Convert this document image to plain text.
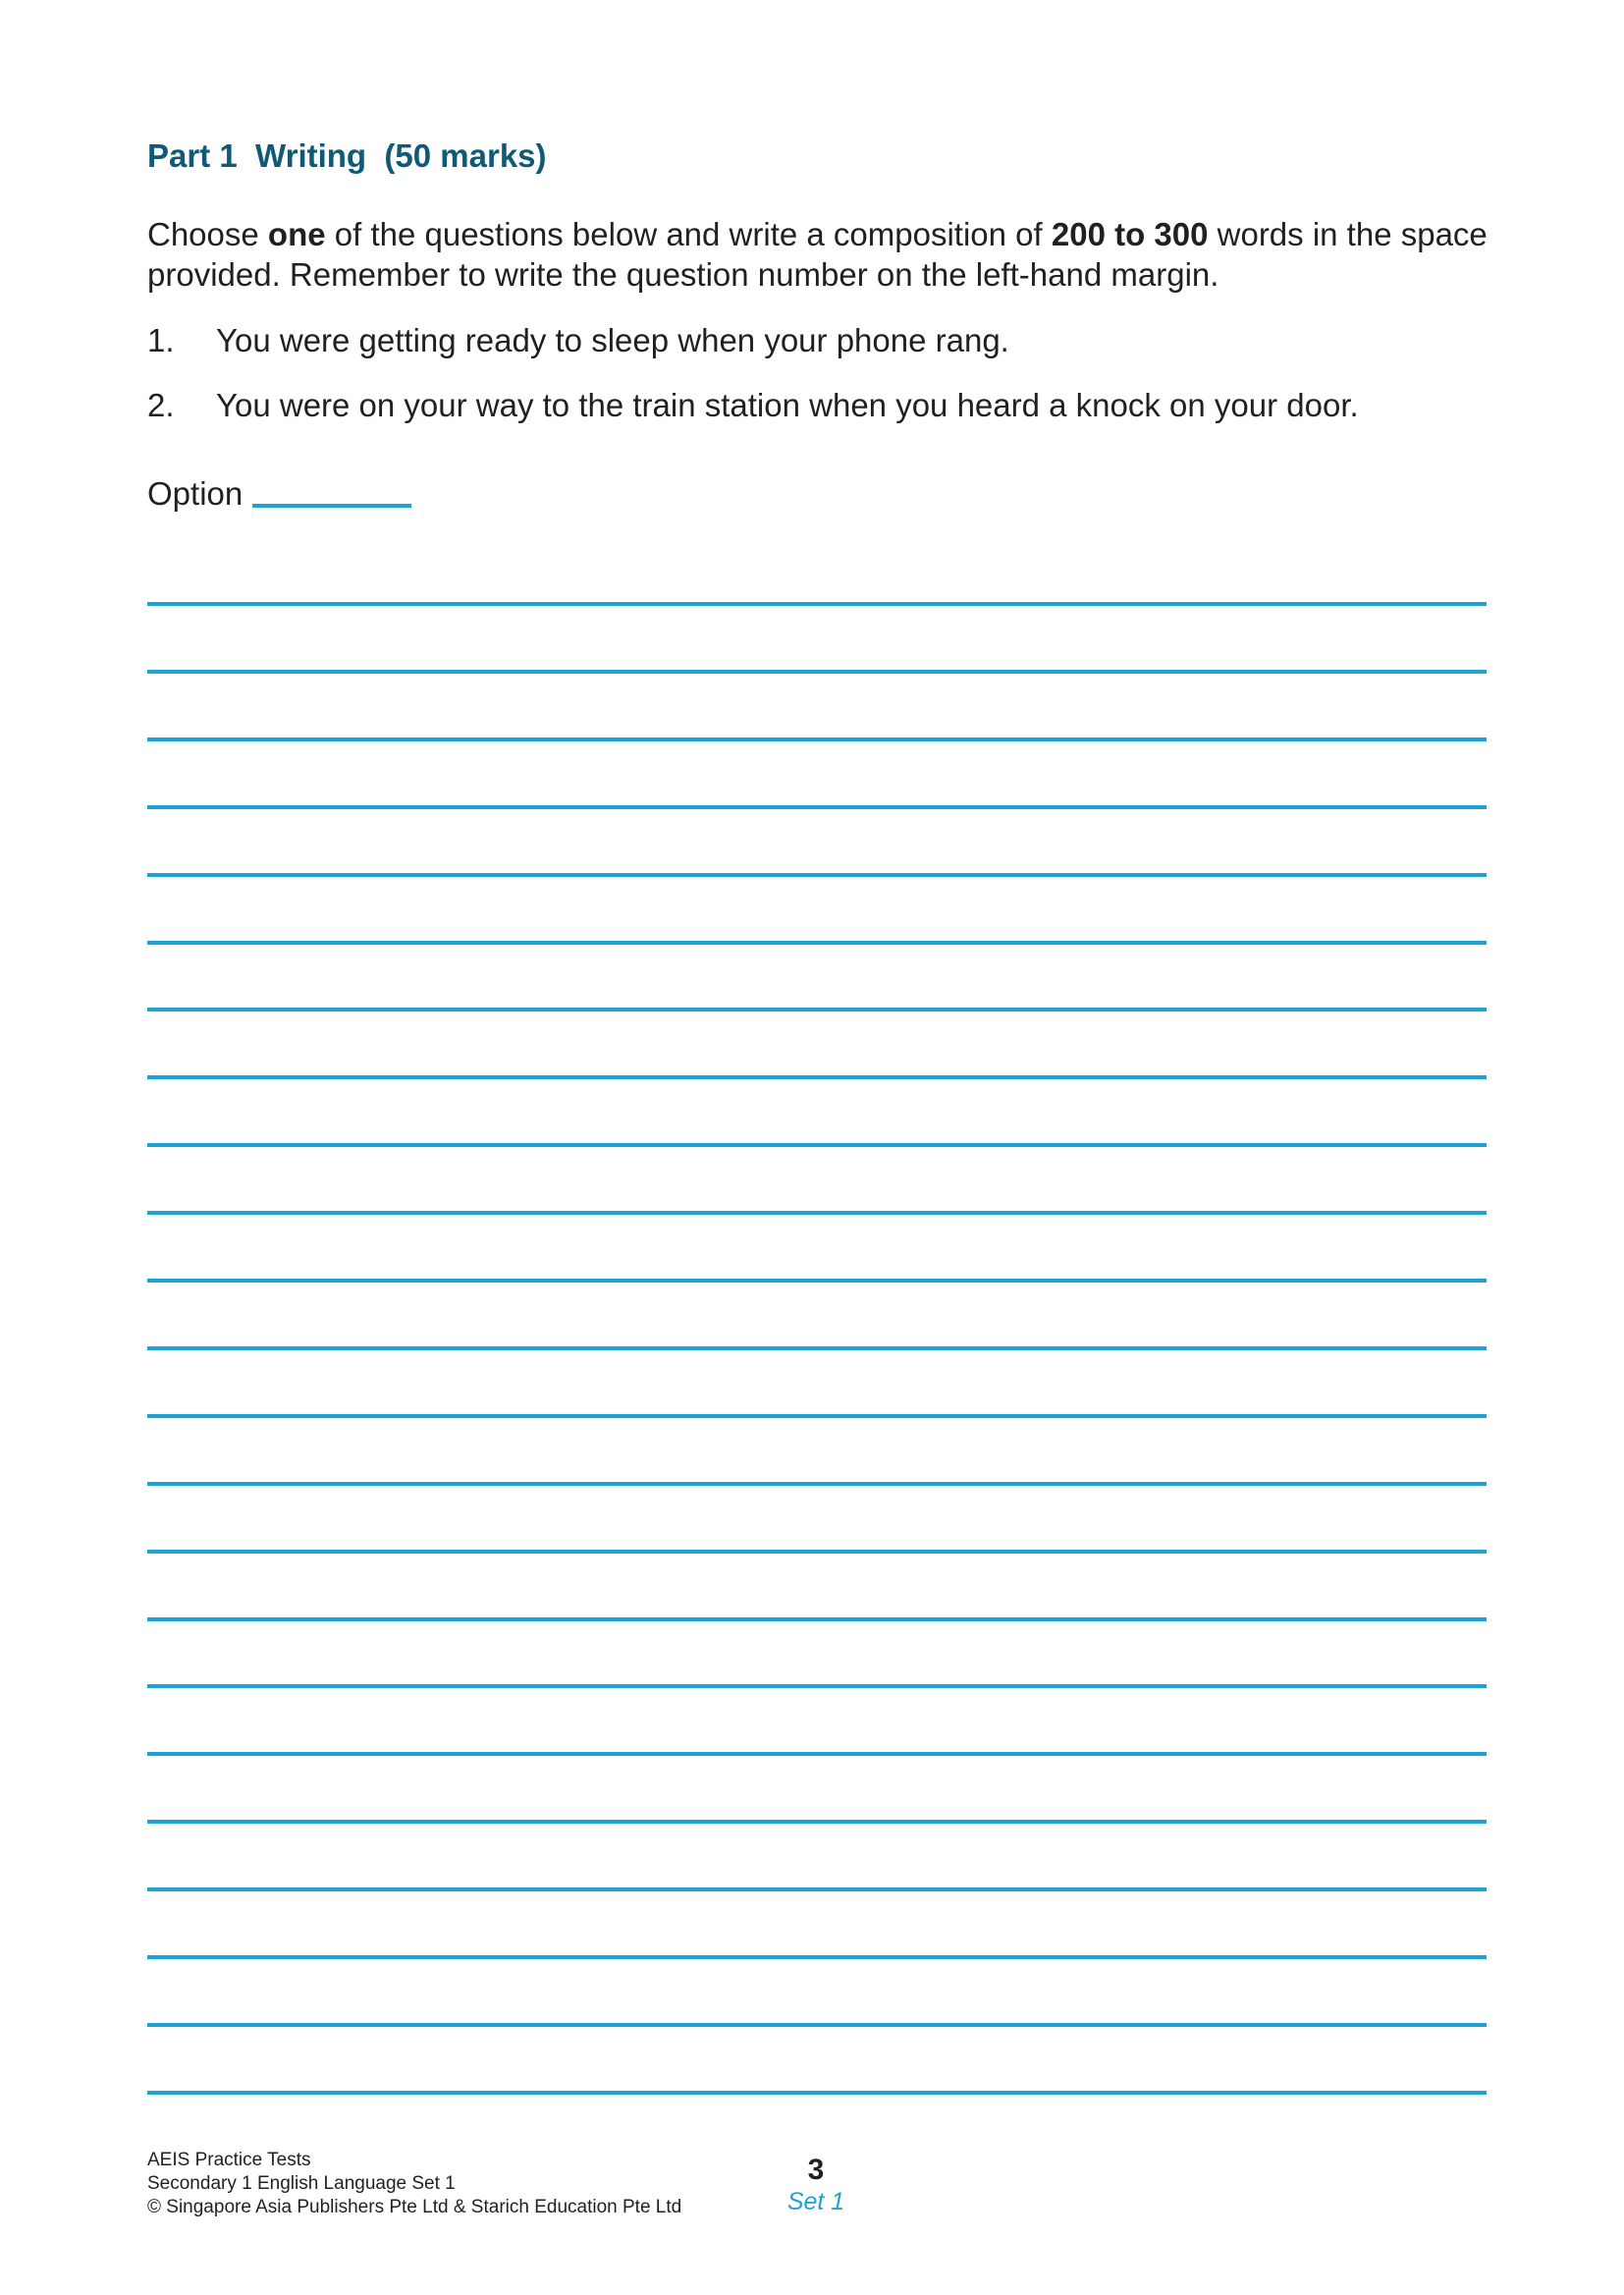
Part 1  Writing  (50 marks)
Choose one of the questions below and write a composition of 200 to 300 words in the space provided. Remember to write the question number on the left-hand margin.
1. You were getting ready to sleep when your phone rang.
2. You were on your way to the train station when you heard a knock on your door.
Option
AEIS Practice Tests
Secondary 1 English Language Set 1
© Singapore Asia Publishers Pte Ltd & Starich Education Pte Ltd
3
Set 1
